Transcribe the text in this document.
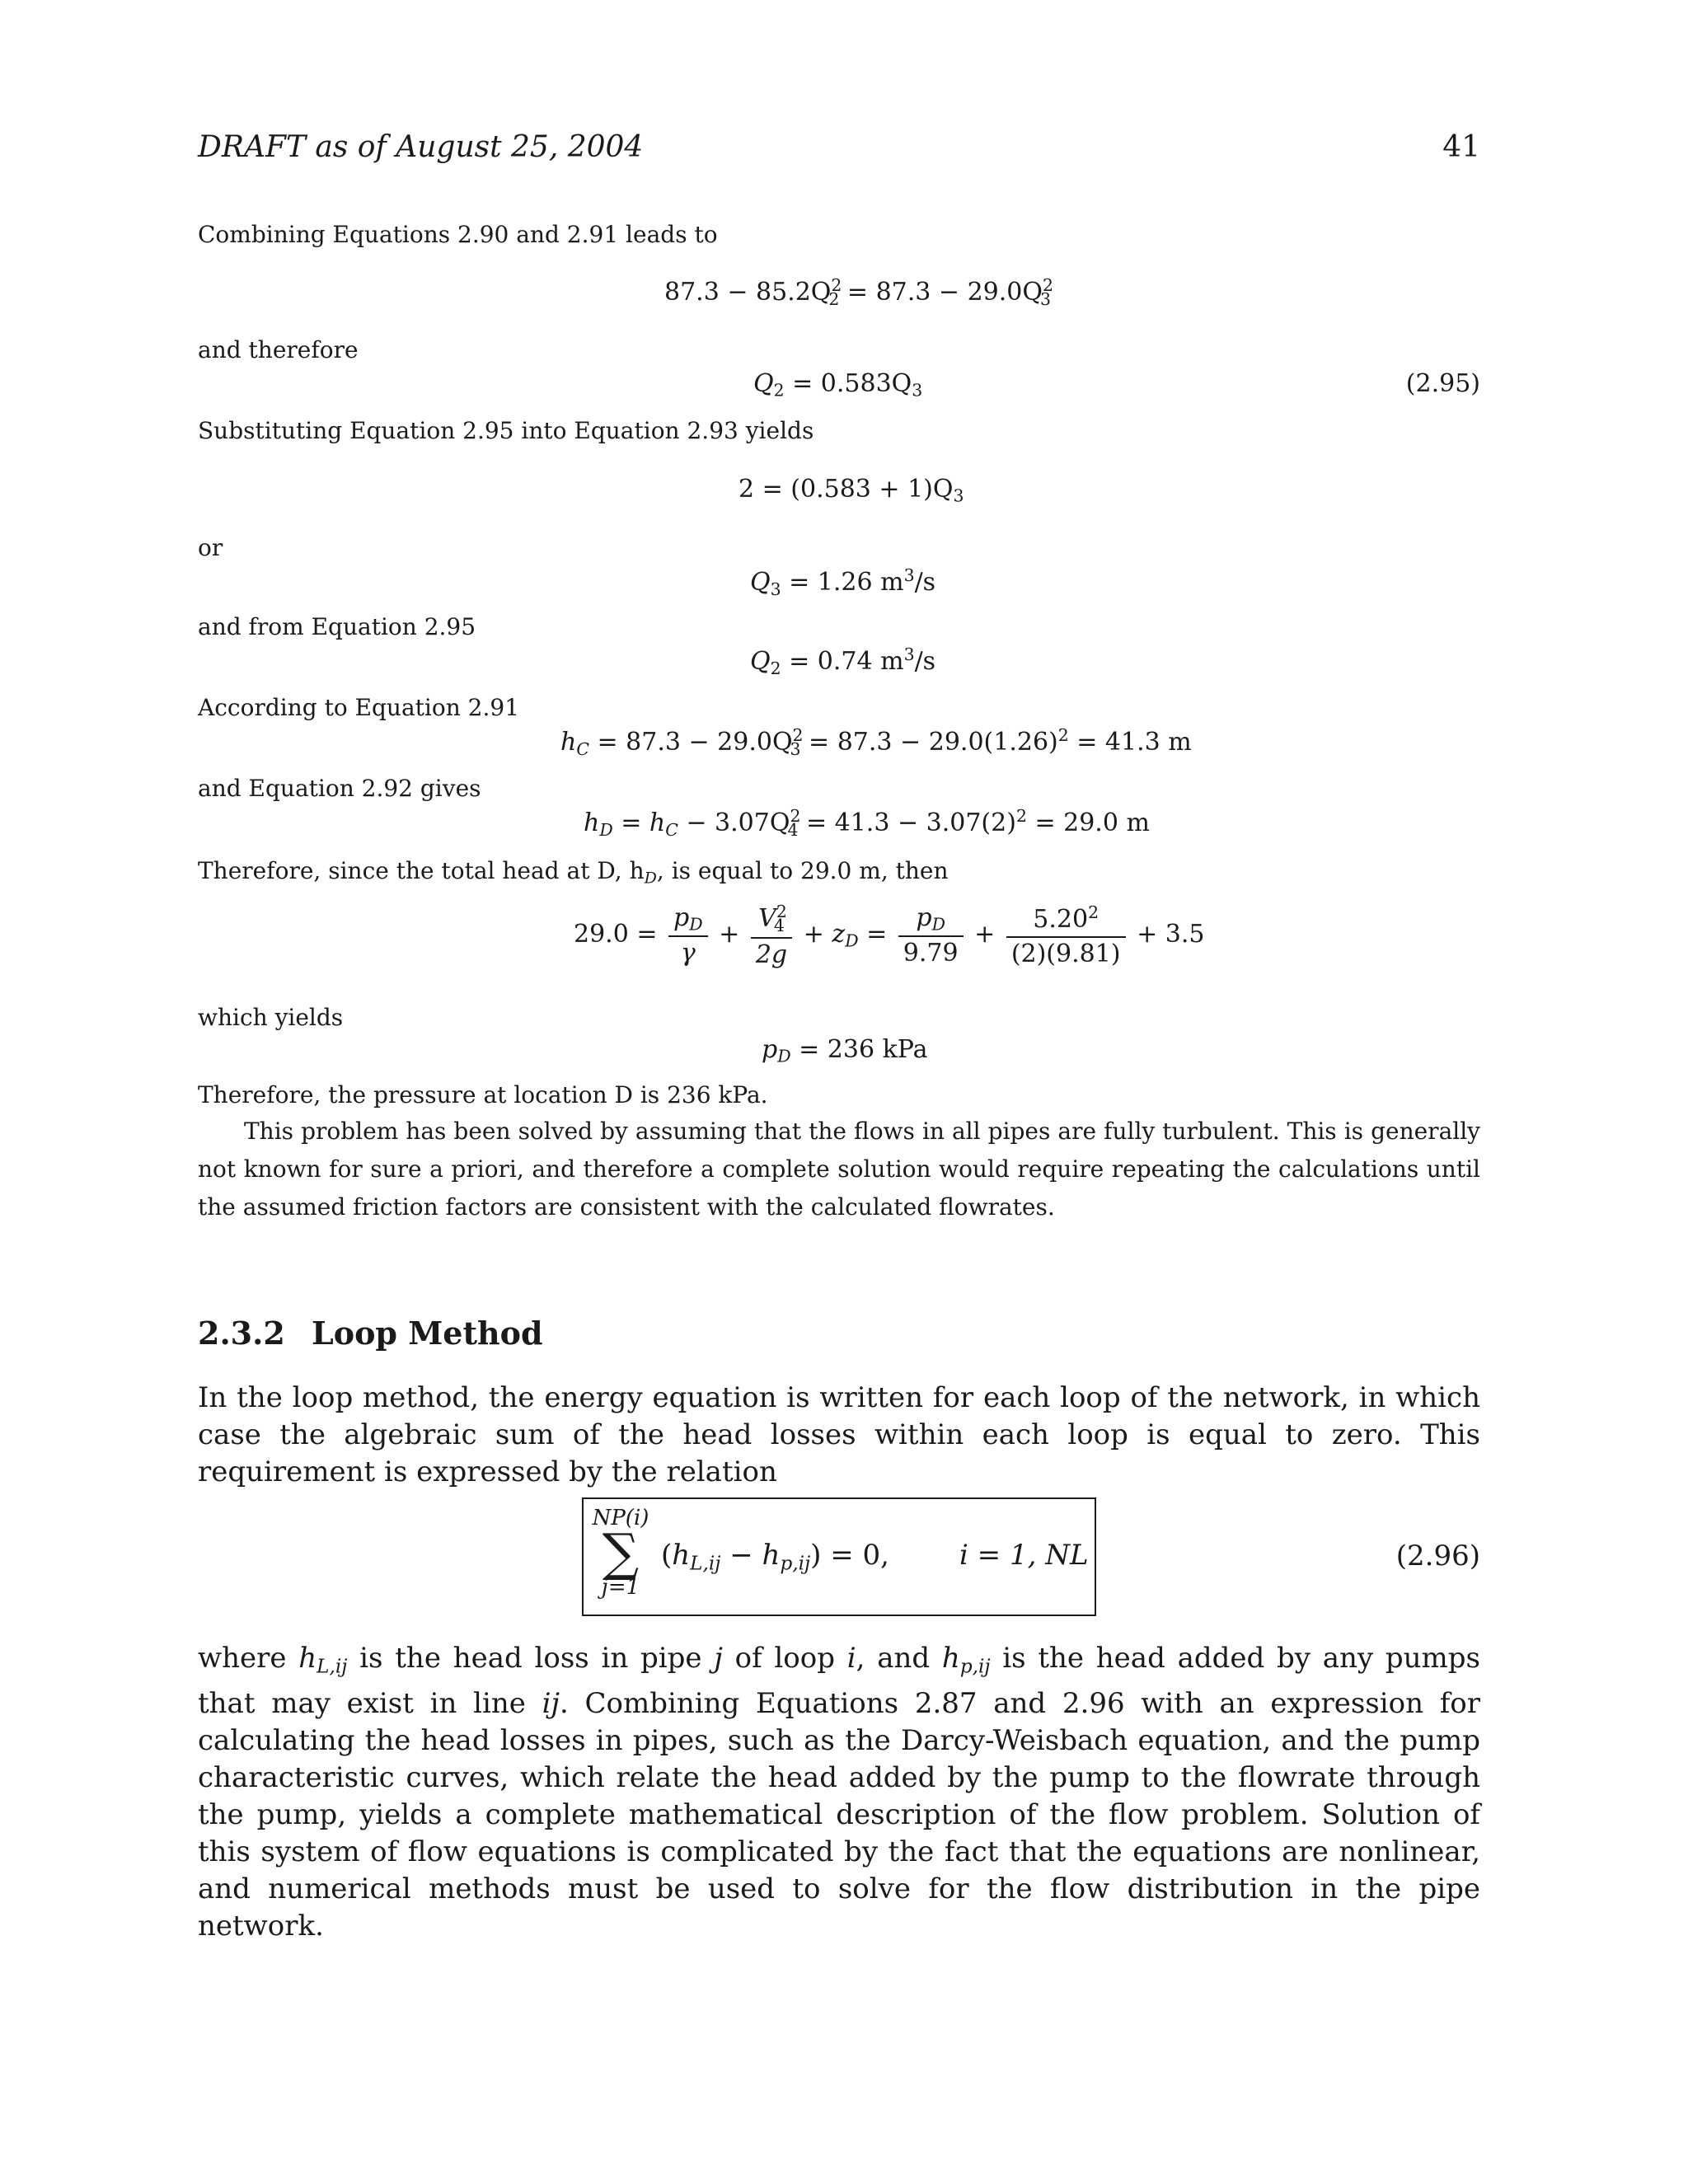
DRAFT as of August 25, 2004	41
Combining Equations 2.90 and 2.91 leads to
$87.3 - 85.2Q^22 = 87.3 - 29.0Q^23$
and therefore
Q2 = 0.583Q3	(2.95)
Substituting Equation 2.95 into Equation 2.93 yields
2 = (0.583 + 1)Q3
or
Q3 = 1.26 $m^3/s$
and from Equation 2.95
Q2 = 0.74 $m^3/s$
According to Equation 2.91
$h_C = 87.3 - 29.0Q^23 = 87.3 - 29.0(1.26)^2 = 41.3$ m
and Equation 2.92 gives
$h_D = h_C - 3.07Q^24 = 41.3 - 3.07(2)^2 = 29.0$ m
Therefore, since the total head at D, $h_D$, is equal to 29.0 m, then
$29.0 = \frac{p_D}{\gamma} + \frac{V^24}{2g} + z_D = \frac{p_D}{9.79} + \frac{5.20^2}{(2)(9.81)} + 3.5$
which yields
$p_D = 236$ kPa
Therefore, the pressure at location D is 236 kPa.

This problem has been solved by assuming that the flows in all pipes are fully turbulent. This is generally not known for sure a priori, and therefore a complete solution would require repeating the calculations until the assumed friction factors are consistent with the calculated flowrates.

2.3.2 Loop Method

In the loop method, the energy equation is written for each loop of the network, in which case the algebraic sum of the head losses within each loop is equal to zero. This requirement is expressed by the relation

NP(i)
∑
j=1
$(h_{L,ij} - h_{p,ij}) = 0$,	i = 1, NL	(2.96)

where $h_{L,ij}$ is the head loss in pipe j of loop i, and $h_{p,ij}$ is the head added by any pumps that may exist in line ij. Combining Equations 2.87 and 2.96 with an expression for calculating the head losses in pipes, such as the Darcy-Weisbach equation, and the pump characteristic curves, which relate the head added by the pump to the flowrate through the pump, yields a complete mathematical description of the flow problem. Solution of this system of flow equations is complicated by the fact that the equations are nonlinear, and numerical methods must be used to solve for the flow distribution in the pipe network.
